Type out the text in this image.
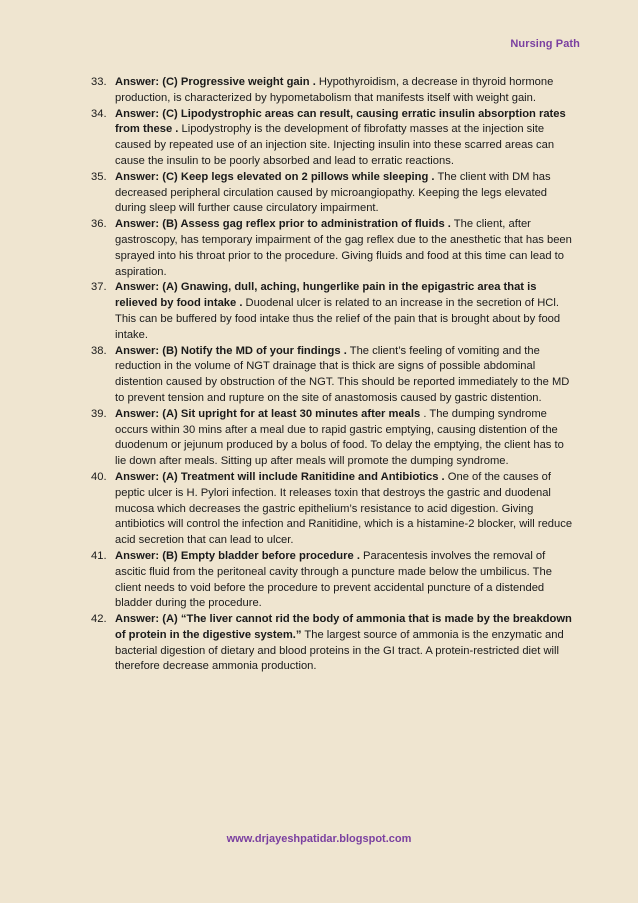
Nursing Path

33. Answer: (C) Progressive weight gain . Hypothyroidism, a decrease in thyroid hormone production, is characterized by hypometabolism that manifests itself with weight gain.

34. Answer: (C) Lipodystrophic areas can result, causing erratic insulin absorption rates from these . Lipodystrophy is the development of fibrofatty masses at the injection site caused by repeated use of an injection site. Injecting insulin into these scarred areas can cause the insulin to be poorly absorbed and lead to erratic reactions.

35. Answer: (C) Keep legs elevated on 2 pillows while sleeping . The client with DM has decreased peripheral circulation caused by microangiopathy. Keeping the legs elevated during sleep will further cause circulatory impairment.

36. Answer: (B) Assess gag reflex prior to administration of fluids . The client, after gastroscopy, has temporary impairment of the gag reflex due to the anesthetic that has been sprayed into his throat prior to the procedure. Giving fluids and food at this time can lead to aspiration.

37. Answer: (A) Gnawing, dull, aching, hungerlike pain in the epigastric area that is relieved by food intake . Duodenal ulcer is related to an increase in the secretion of HCl. This can be buffered by food intake thus the relief of the pain that is brought about by food intake.

38. Answer: (B) Notify the MD of your findings . The client’s feeling of vomiting and the reduction in the volume of NGT drainage that is thick are signs of possible abdominal distention caused by obstruction of the NGT. This should be reported immediately to the MD to prevent tension and rupture on the site of anastomosis caused by gastric distention.

39. Answer: (A) Sit upright for at least 30 minutes after meals . The dumping syndrome occurs within 30 mins after a meal due to rapid gastric emptying, causing distention of the duodenum or jejunum produced by a bolus of food. To delay the emptying, the client has to lie down after meals. Sitting up after meals will promote the dumping syndrome.

40. Answer: (A) Treatment will include Ranitidine and Antibiotics . One of the causes of peptic ulcer is H. Pylori infection. It releases toxin that destroys the gastric and duodenal mucosa which decreases the gastric epithelium’s resistance to acid digestion. Giving antibiotics will control the infection and Ranitidine, which is a histamine-2 blocker, will reduce acid secretion that can lead to ulcer.

41. Answer: (B) Empty bladder before procedure . Paracentesis involves the removal of ascitic fluid from the peritoneal cavity through a puncture made below the umbilicus. The client needs to void before the procedure to prevent accidental puncture of a distended bladder during the procedure.

42. Answer: (A) “The liver cannot rid the body of ammonia that is made by the breakdown of protein in the digestive system.” The largest source of ammonia is the enzymatic and bacterial digestion of dietary and blood proteins in the GI tract. A protein-restricted diet will therefore decrease ammonia production.

www.drjayeshpatidar.blogspot.com
